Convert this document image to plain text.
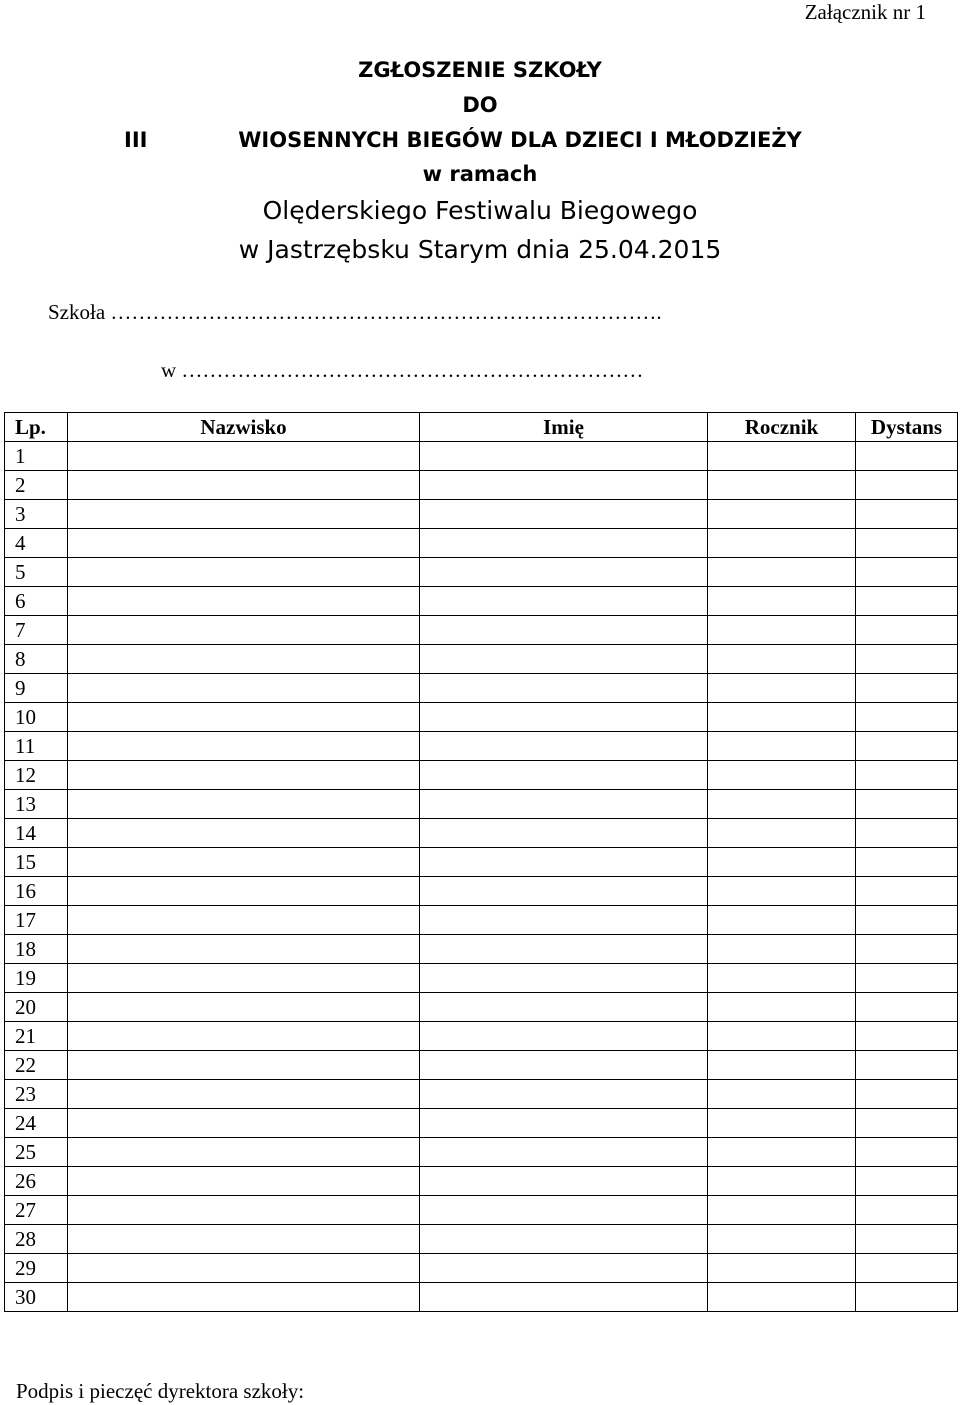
Załącznik nr 1
ZGŁOSZENIE SZKOŁY
DO
III	WIOSENNYCH BIEGÓW DLA DZIECI I MŁODZIEŻY
w ramach
Olęderskiego Festiwalu Biegowego
w Jastrzębsku Starym dnia 25.04.2015
Szkoła …………………………………………………………………….
w …………………………………………………………
Lp.	Nazwisko	Imię	Rocznik	Dystans
1				
2				
3				
4				
5				
6				
7				
8				
9				
10				
11				
12				
13				
14				
15				
16				
17				
18				
19				
20				
21				
22				
23				
24				
25				
26				
27				
28				
29				
30				
Podpis i pieczęć dyrektora szkoły:
